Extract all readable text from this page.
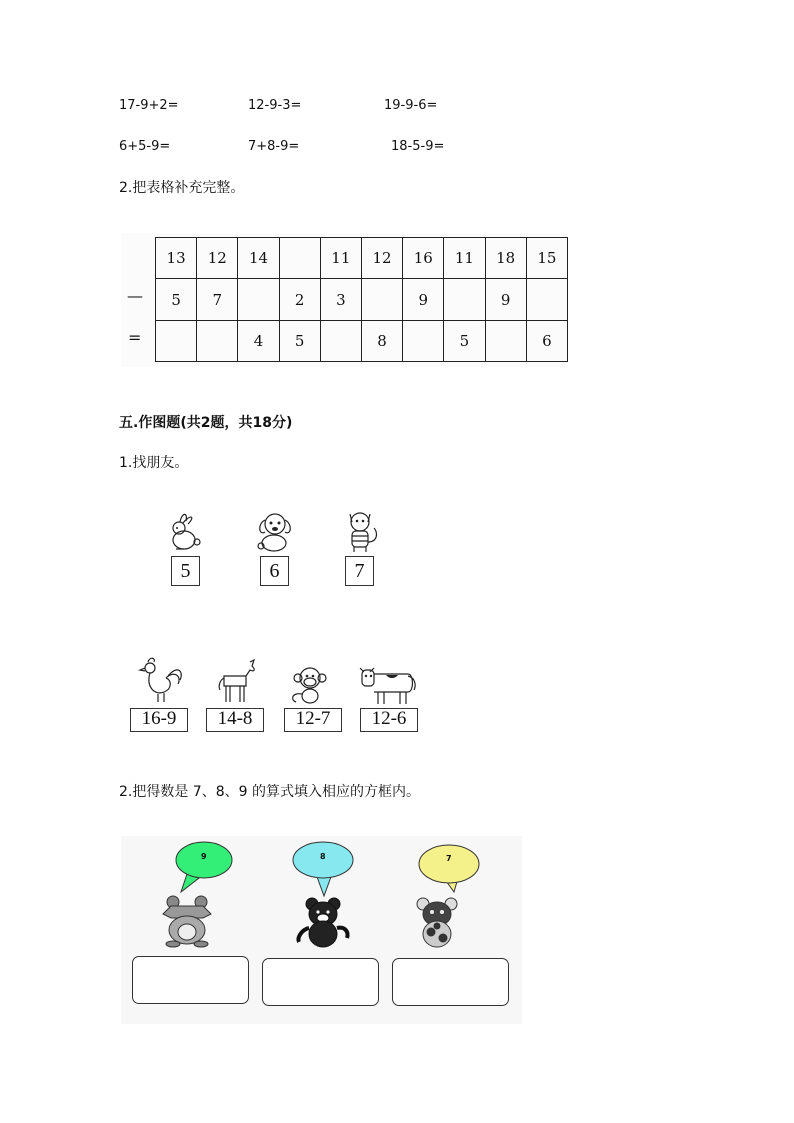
17-9+2=	12-9-3=	19-9-6=
6+5-9=	7+8-9=	18-5-9=
2.把表格补充完整。
—
=
13	12	14		11	12	16	11	18	15
5	7		2	3		9		9	
		4	5		8		5		6
五.作图题(共2题，共18分)
1.找朋友。
5	6	7
16-9	14-8	12-7	12-6
2.把得数是 7、8、9 的算式填入相应的方框内。
9	8	7
